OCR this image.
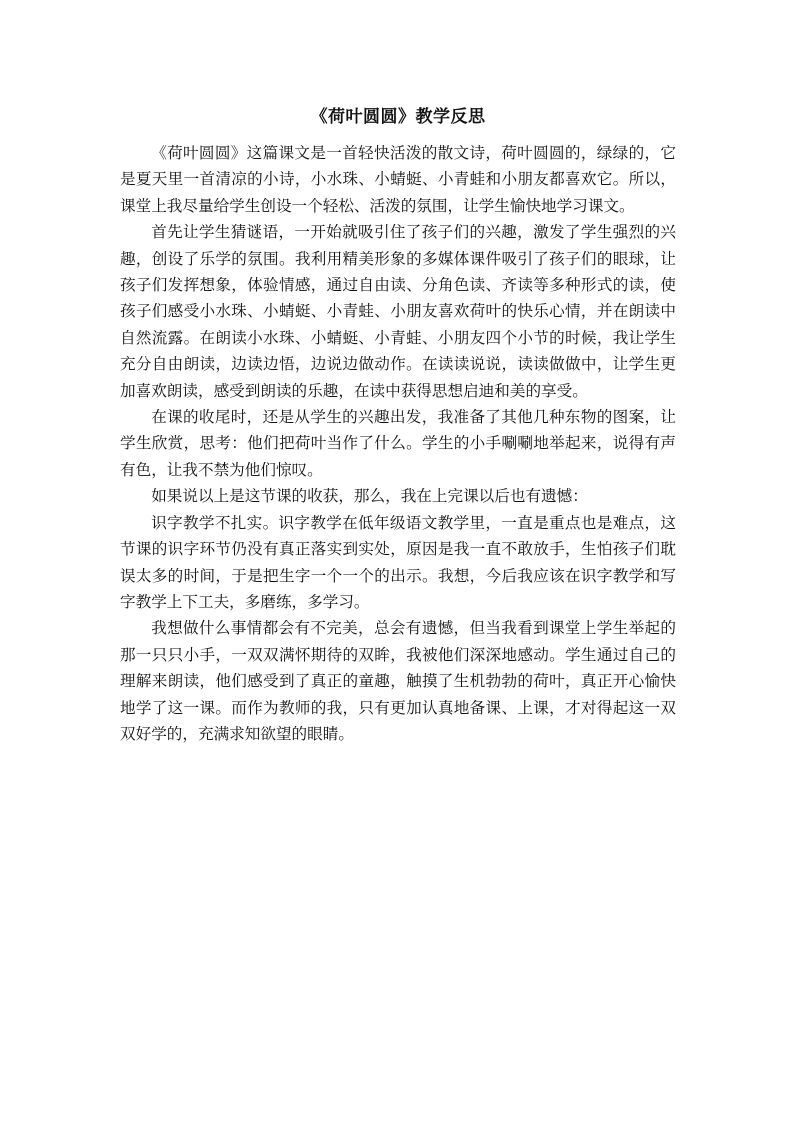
《荷叶圆圆》教学反思

《荷叶圆圆》这篇课文是一首轻快活泼的散文诗，荷叶圆圆的，绿绿的，它是夏天里一首清凉的小诗，小水珠、小蜻蜓、小青蛙和小朋友都喜欢它。所以，课堂上我尽量给学生创设一个轻松、活泼的氛围，让学生愉快地学习课文。

首先让学生猜谜语，一开始就吸引住了孩子们的兴趣，激发了学生强烈的兴趣，创设了乐学的氛围。我利用精美形象的多媒体课件吸引了孩子们的眼球，让孩子们发挥想象，体验情感，通过自由读、分角色读、齐读等多种形式的读，使孩子们感受小水珠、小蜻蜓、小青蛙、小朋友喜欢荷叶的快乐心情，并在朗读中自然流露。在朗读小水珠、小蜻蜓、小青蛙、小朋友四个小节的时候，我让学生充分自由朗读，边读边悟，边说边做动作。在读读说说，读读做做中，让学生更加喜欢朗读，感受到朗读的乐趣，在读中获得思想启迪和美的享受。

在课的收尾时，还是从学生的兴趣出发，我准备了其他几种东物的图案，让学生欣赏，思考：他们把荷叶当作了什么。学生的小手唰唰地举起来，说得有声有色，让我不禁为他们惊叹。

如果说以上是这节课的收获，那么，我在上完课以后也有遗憾：

识字教学不扎实。识字教学在低年级语文教学里，一直是重点也是难点，这节课的识字环节仍没有真正落实到实处，原因是我一直不敢放手，生怕孩子们耽误太多的时间，于是把生字一个一个的出示。我想，今后我应该在识字教学和写字教学上下工夫，多磨练，多学习。

我想做什么事情都会有不完美，总会有遗憾，但当我看到课堂上学生举起的那一只只小手，一双双满怀期待的双眸，我被他们深深地感动。学生通过自己的理解来朗读，他们感受到了真正的童趣，触摸了生机勃勃的荷叶，真正开心愉快地学了这一课。而作为教师的我，只有更加认真地备课、上课，才对得起这一双双好学的，充满求知欲望的眼睛。
